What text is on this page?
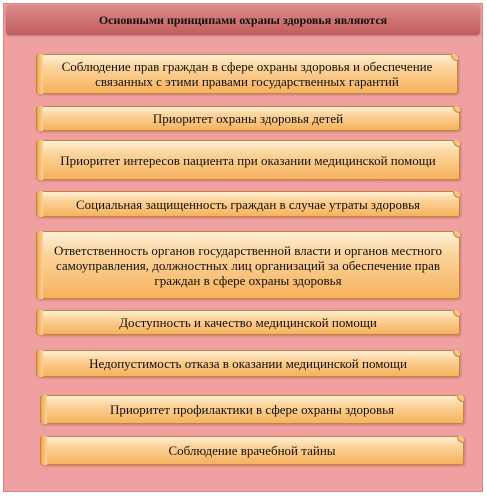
Основными принципами охраны здоровья являются
Соблюдение прав граждан в сфере охраны здоровья и обеспечение связанных с этими правами государственных гарантий
Приоритет охраны здоровья детей
Приоритет интересов пациента при оказании медицинской помощи
Социальная защищенность граждан в случае утраты здоровья
Ответственность органов государственной власти и органов местного самоуправления, должностных лиц организаций за обеспечение прав граждан в сфере охраны здоровья
Доступность и качество медицинской помощи
Недопустимость отказа в оказании медицинской помощи
Приоритет профилактики в сфере охраны здоровья
Соблюдение врачебной тайны
